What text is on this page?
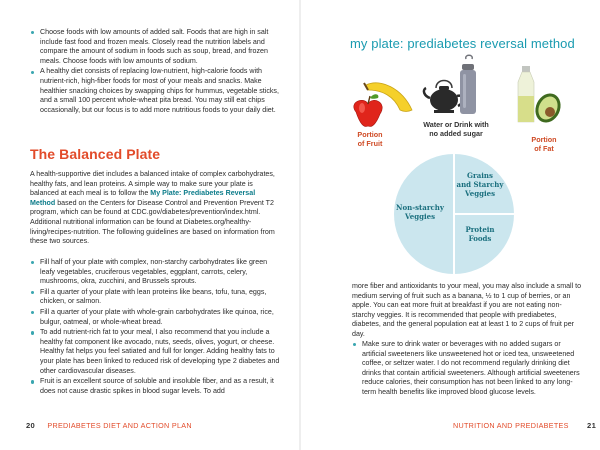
Choose foods with low amounts of added salt. Foods that are high in salt include fast food and frozen meals. Closely read the nutrition labels and compare the amount of sodium in foods such as soup, bread, and frozen meals. Choose foods with low amounts of sodium.
A healthy diet consists of replacing low-nutrient, high-calorie foods with nutrient-rich, high-fiber foods for most of your meals and snacks. Make healthier snacking choices by swapping chips for hummus, vegetable sticks, and a small 100 percent whole-wheat pita bread. You may still eat chips occasionally, but our focus is to add more nutritious foods to your daily diet.
The Balanced Plate

A health-supportive diet includes a balanced intake of complex carbohydrates, healthy fats, and lean proteins. A simple way to make sure your plate is balanced at each meal is to follow the My Plate: Prediabetes Reversal Method based on the Centers for Disease Control and Prevention Prevent T2 program, which can be found at CDC.gov/diabetes/prevention/index.html. Additional nutritional information can be found at Diabetes.org/healthy-living/recipes-nutrition. The following guidelines are based on information from these two sources.

Fill half of your plate with complex, non-starchy carbohydrates like green leafy vegetables, cruciferous vegetables, eggplant, carrots, celery, mushrooms, okra, zucchini, and Brussels sprouts.
Fill a quarter of your plate with lean proteins like beans, tofu, tuna, eggs, chicken, or salmon.
Fill a quarter of your plate with whole-grain carbohydrates like quinoa, rice, bulgur, oatmeal, or whole-wheat bread.
To add nutrient-rich fat to your meal, I also recommend that you include a healthy fat component like avocado, nuts, seeds, olives, yogurt, or cheese. Healthy fat helps you feel satiated and full for longer. Adding healthy fats to your plate has been linked to reduced risk of developing type 2 diabetes and other cardiovascular diseases.
Fruit is an excellent source of soluble and insoluble fiber, and as a result, it does not cause drastic spikes in blood sugar levels. To add
20 PREDIABETES DIET AND ACTION PLAN
my plate: prediabetes reversal method
Portion
of Fruit
Water or Drink with
no added sugar
Portion
of Fat
Non-starchy
Veggies
Grains
and Starchy
Veggies
Protein
Foods
NUTRITION AND PREDIABETES 21

more fiber and antioxidants to your meal, you may also include a small to medium serving of fruit such as a banana, ½ to 1 cup of berries, or an apple. You can eat more fruit at breakfast if you are not eating non-starchy veggies. It is recommended that people with prediabetes, diabetes, and the general population eat at least 1 to 2 cups of fruit per day.

Make sure to drink water or beverages with no added sugars or artificial sweeteners like unsweetened hot or iced tea, unsweetened coffee, or seltzer water. I do not recommend regularly drinking diet drinks that contain artificial sweeteners. Although artificial sweeteners reduce calories, their consumption has not been linked to any long-term health benefits like improved blood glucose levels.
